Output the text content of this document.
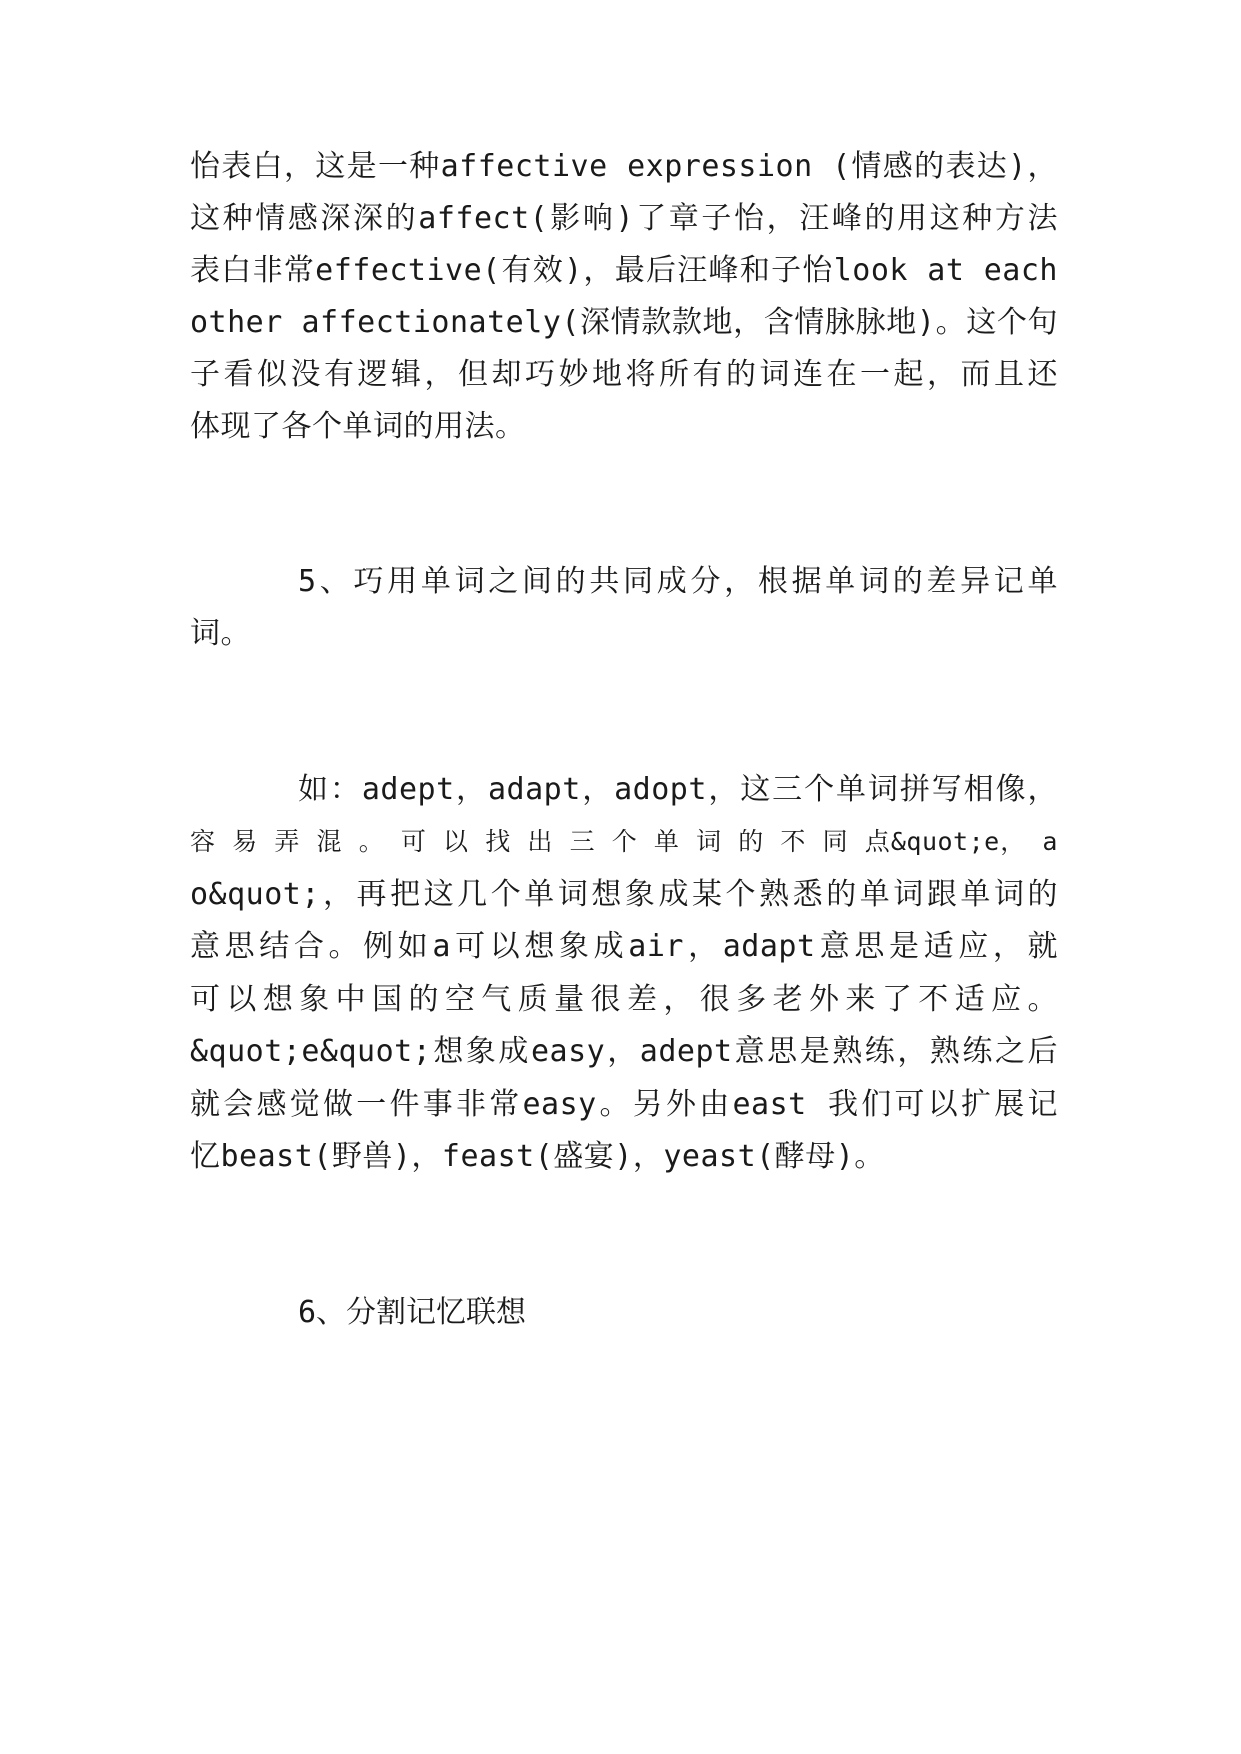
怡表白，这是一种affective expression (情感的表达)，
这种情感深深的affect(影响)了章子怡，汪峰的用这种方法
表白非常effective(有效)，最后汪峰和子怡look at each
other affectionately(深情款款地，含情脉脉地)。这个句
子看似没有逻辑，但却巧妙地将所有的词连在一起，而且还
体现了各个单词的用法。
5、巧用单词之间的共同成分，根据单词的差异记单
词。
如：adept，adapt，adopt，这三个单词拼写相像，
容 易 弄 混 。 可 以 找 出 三 个 单 词 的 不 同 点&quot;e， a
o&quot;，再把这几个单词想象成某个熟悉的单词跟单词的
意思结合。例如a可以想象成air，adapt意思是适应，就
可以想象中国的空气质量很差，很多老外来了不适应。
&quot;e&quot;想象成easy，adept意思是熟练，熟练之后
就会感觉做一件事非常easy。另外由east 我们可以扩展记
忆beast(野兽)，feast(盛宴)，yeast(酵母)。
6、分割记忆联想
